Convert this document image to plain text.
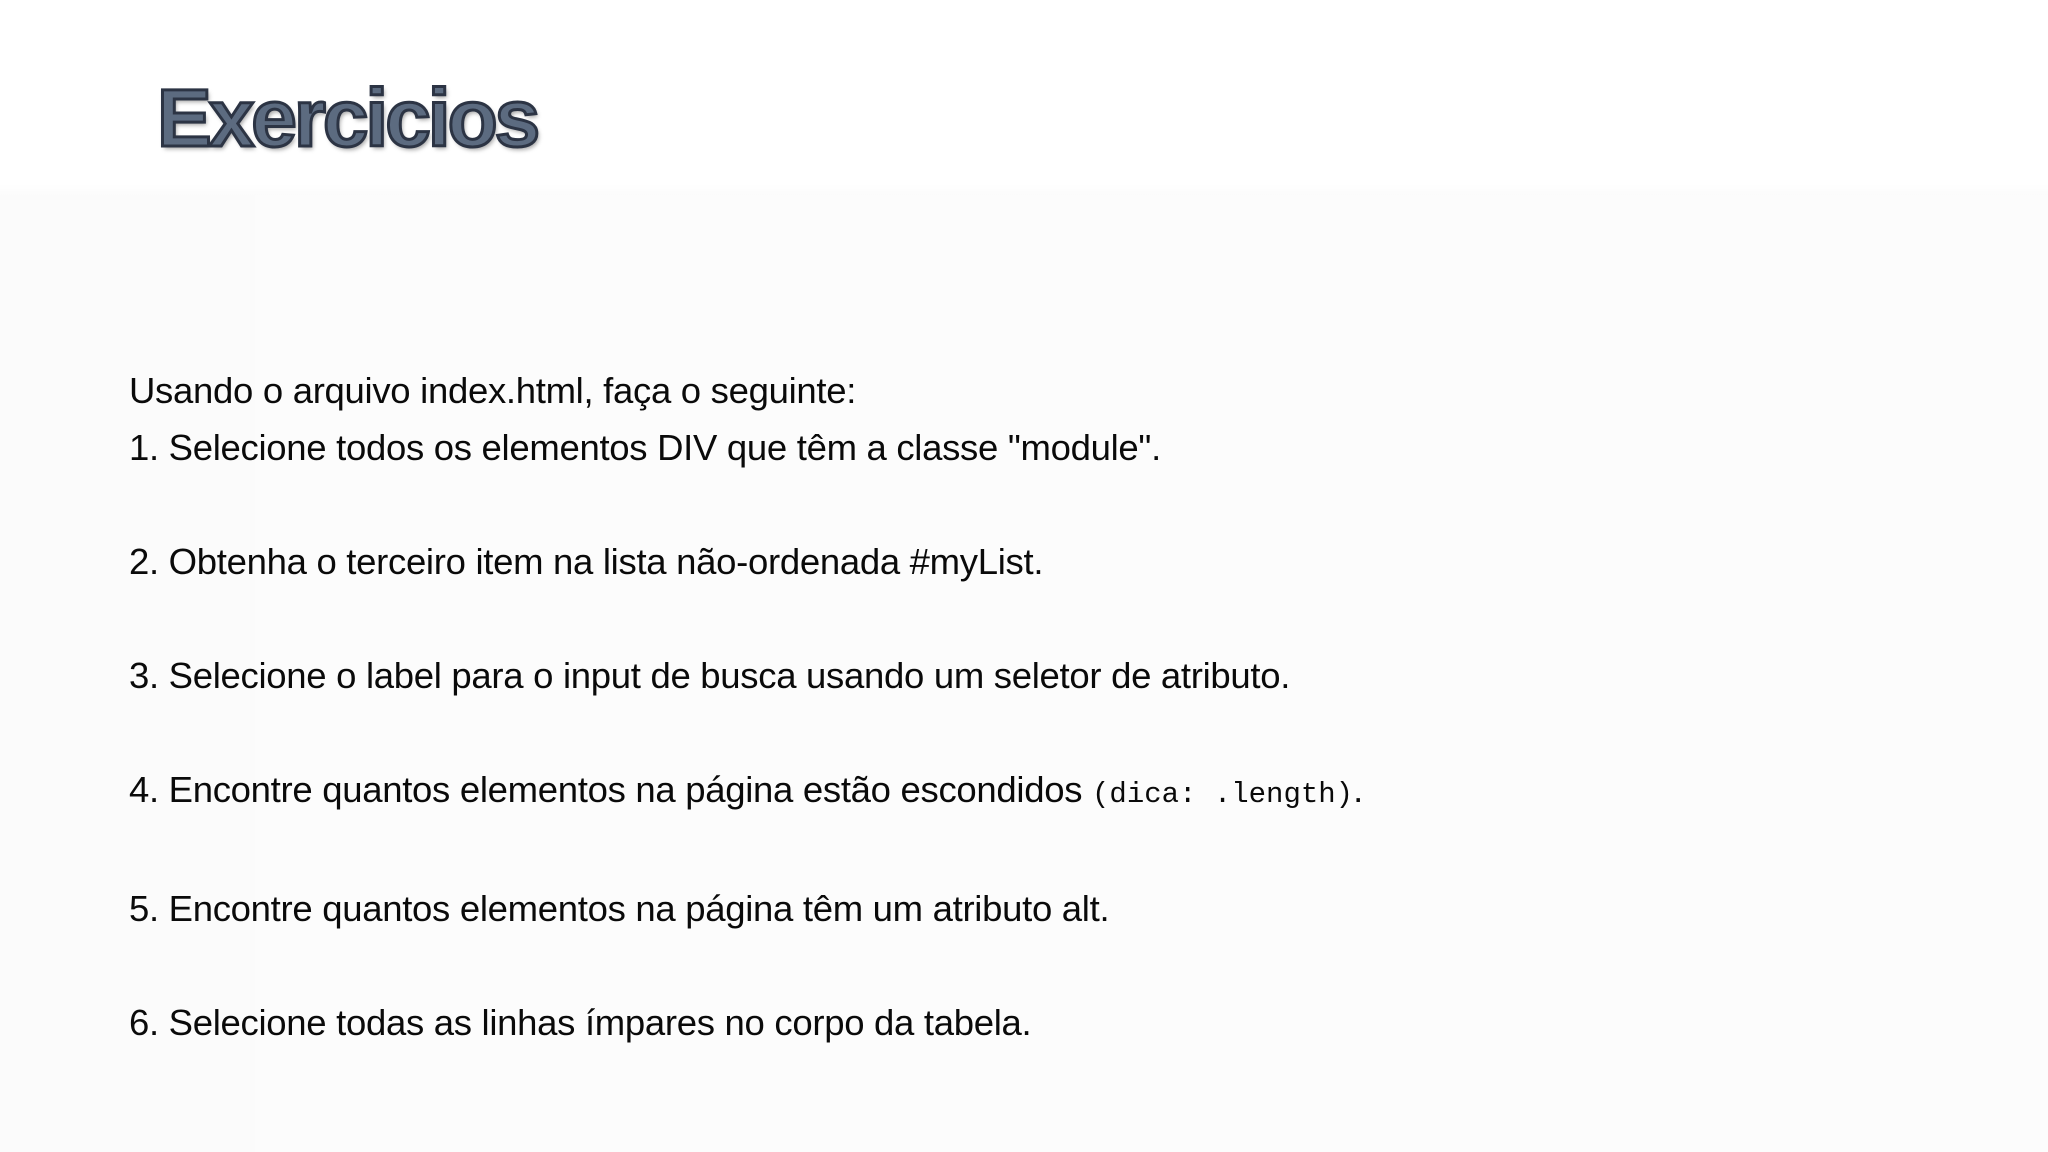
Exercicios

Usando o arquivo index.html, faça o seguinte:

1. Selecione todos os elementos DIV que têm a classe "module".

2. Obtenha o terceiro item na lista não-ordenada #myList.

3. Selecione o label para o input de busca usando um seletor de atributo.

4. Encontre quantos elementos na página estão escondidos (dica: .length).

5. Encontre quantos elementos na página têm um atributo alt.

6. Selecione todas as linhas ímpares no corpo da tabela.
